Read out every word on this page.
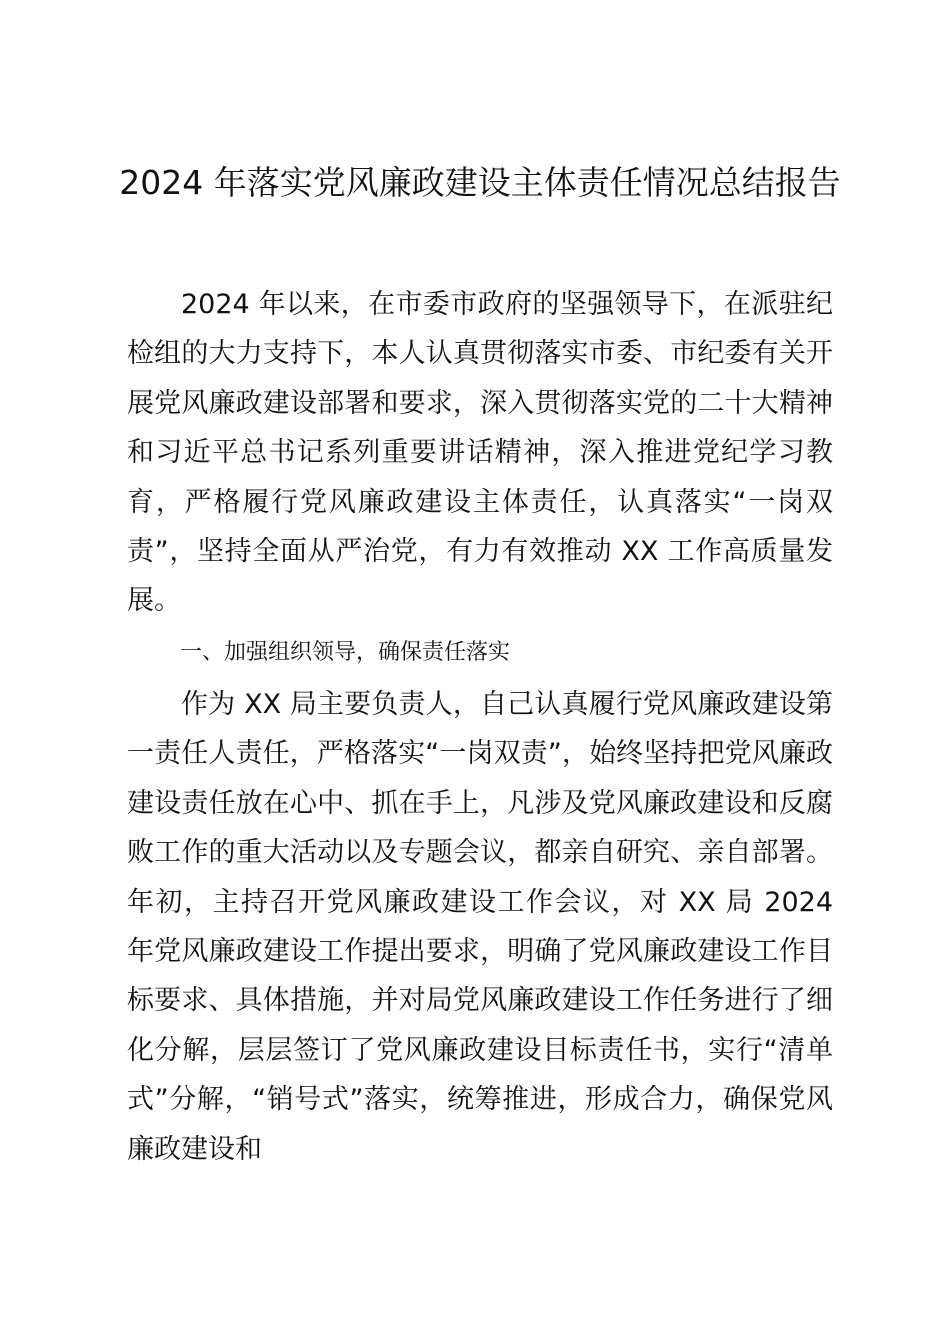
2024 年落实党风廉政建设主体责任情况总结报告

2024 年以来，在市委市政府的坚强领导下，在派驻纪检组的大力支持下，本人认真贯彻落实市委、市纪委有关开展党风廉政建设部署和要求，深入贯彻落实党的二十大精神和习近平总书记系列重要讲话精神，深入推进党纪学习教育，严格履行党风廉政建设主体责任，认真落实“一岗双责”，坚持全面从严治党，有力有效推动 XX 工作高质量发展。

一、加强组织领导，确保责任落实

作为 XX 局主要负责人，自己认真履行党风廉政建设第一责任人责任，严格落实“一岗双责”，始终坚持把党风廉政建设责任放在心中、抓在手上，凡涉及党风廉政建设和反腐败工作的重大活动以及专题会议，都亲自研究、亲自部署。年初，主持召开党风廉政建设工作会议，对 XX 局 2024 年党风廉政建设工作提出要求，明确了党风廉政建设工作目标要求、具体措施，并对局党风廉政建设工作任务进行了细化分解，层层签订了党风廉政建设目标责任书，实行“清单式”分解，“销号式”落实，统筹推进，形成合力，确保党风廉政建设和
